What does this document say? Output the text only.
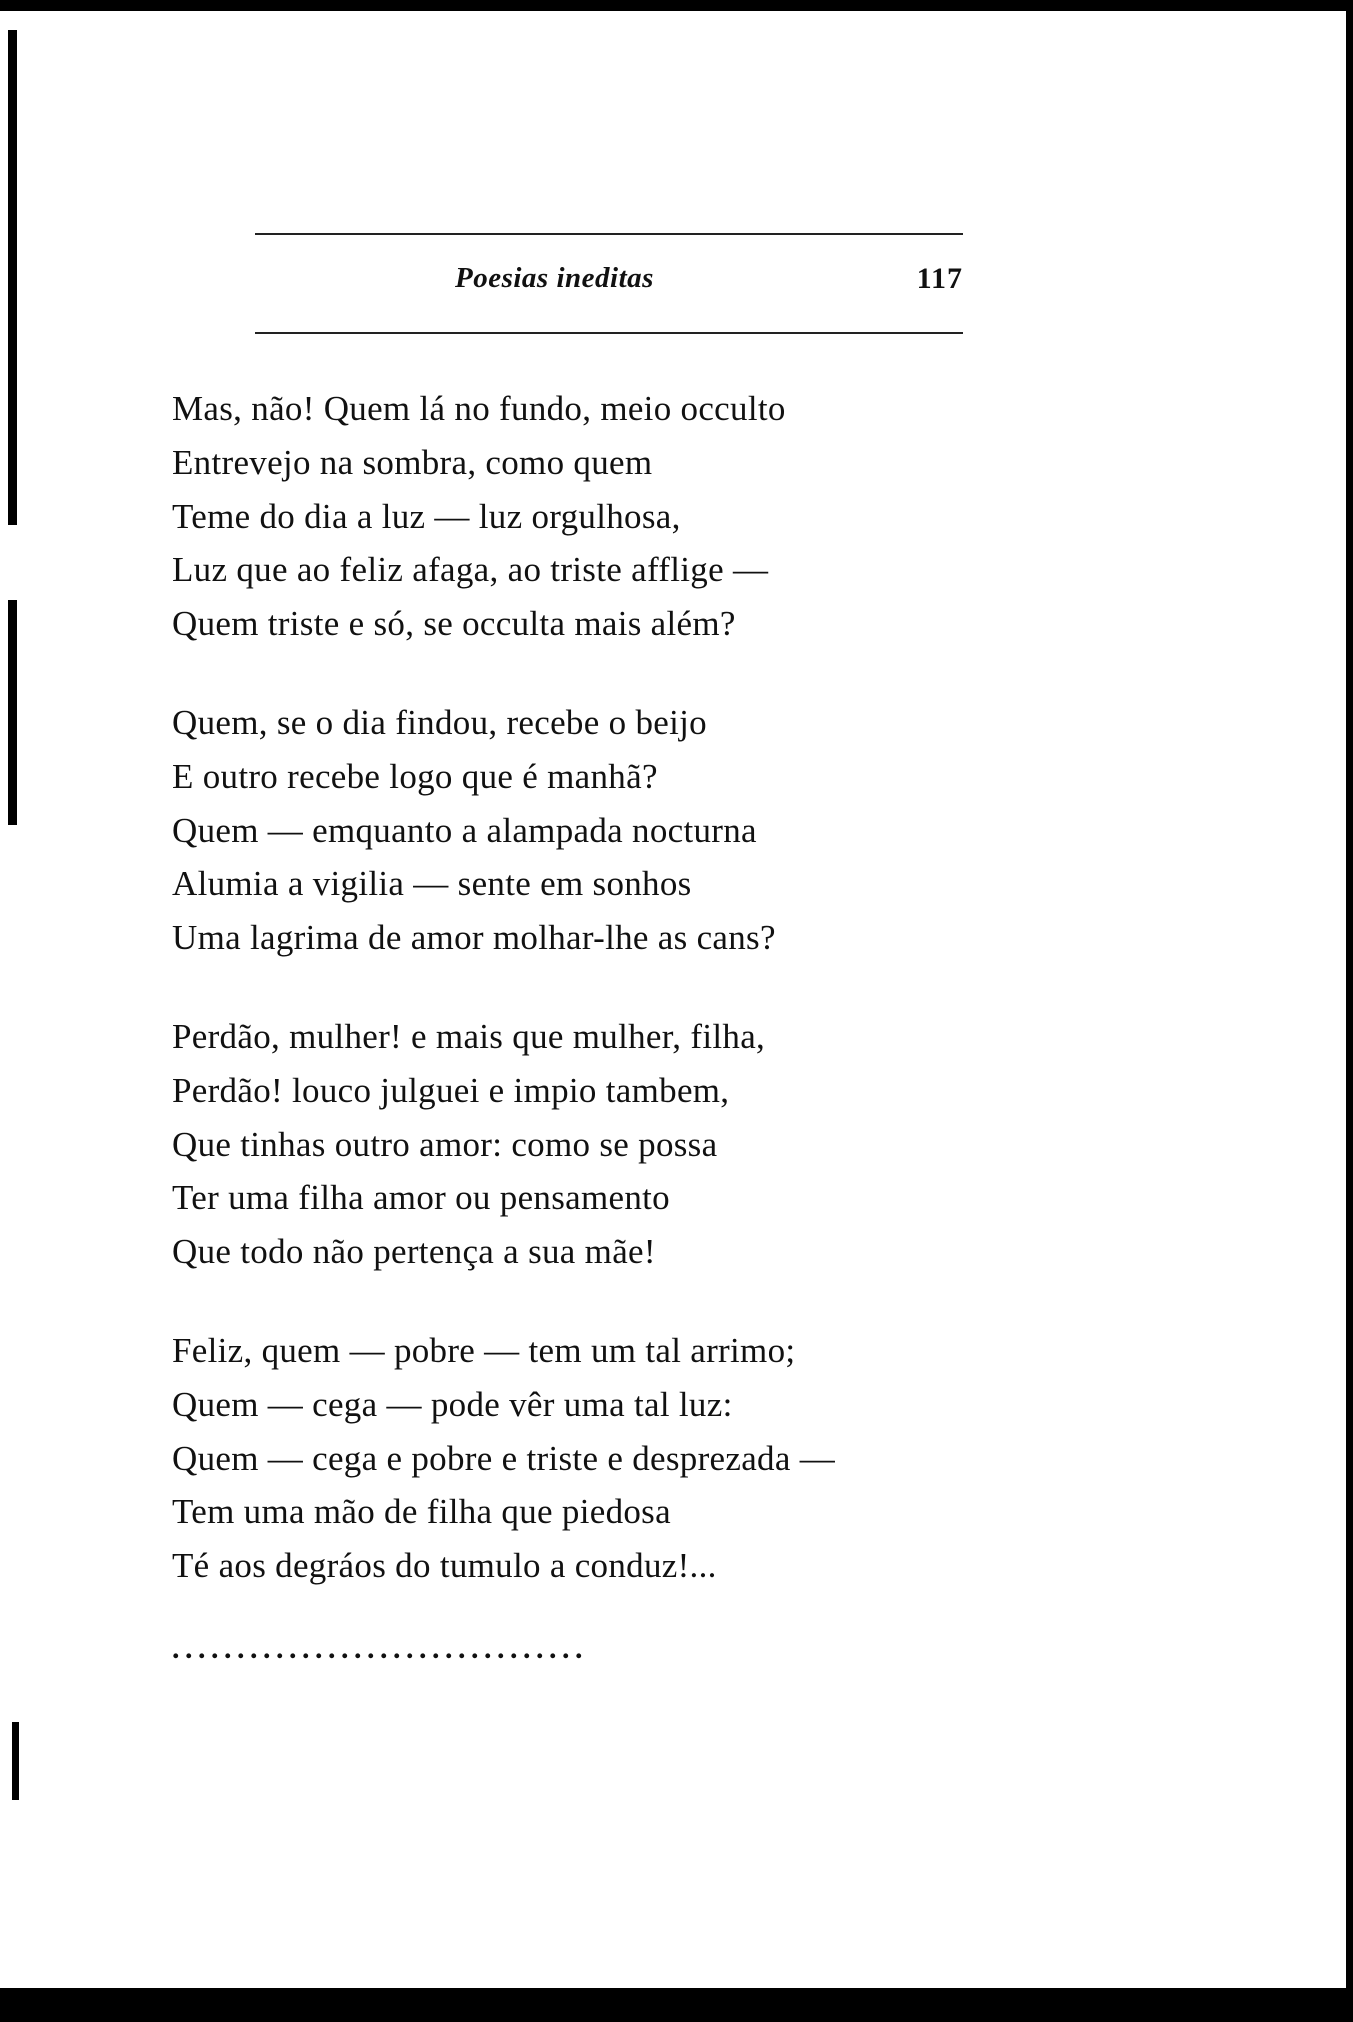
Poesias ineditas	117
Mas, não! Quem lá no fundo, meio occulto
Entrevejo na sombra, como quem
Teme do dia a luz — luz orgulhosa,
Luz que ao feliz afaga, ao triste afflige —
Quem triste e só, se occulta mais além?
Quem, se o dia findou, recebe o beijo
E outro recebe logo que é manhã?
Quem — emquanto a alampada nocturna
Alumia a vigilia — sente em sonhos
Uma lagrima de amor molhar-lhe as cans?
Perdão, mulher! e mais que mulher, filha,
Perdão! louco julguei e impio tambem,
Que tinhas outro amor: como se possa
Ter uma filha amor ou pensamento
Que todo não pertença a sua mãe!
Feliz, quem — pobre — tem um tal arrimo;
Quem — cega — pode vêr uma tal luz:
Quem — cega e pobre e triste e desprezada —
Tem uma mão de filha que piedosa
Té aos degráos do tumulo a conduz!...
................................
